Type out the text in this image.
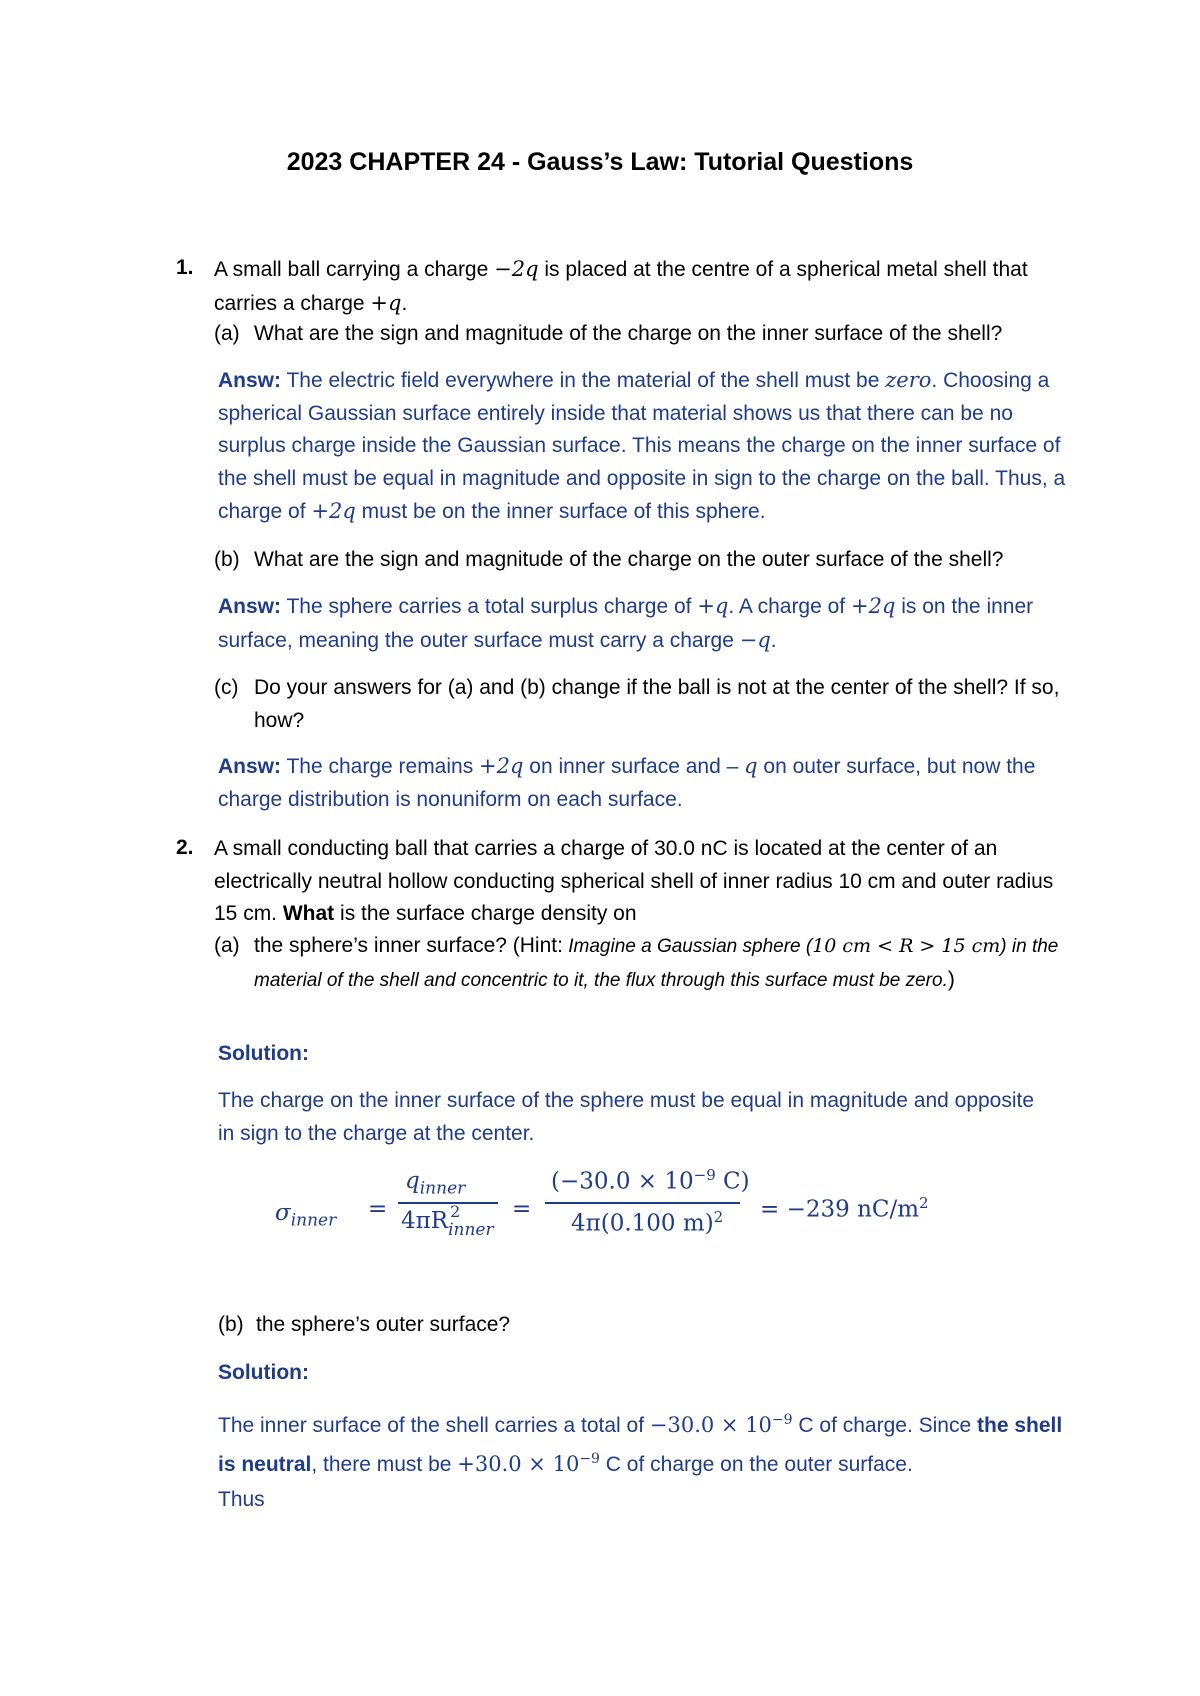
2023 CHAPTER 24 - Gauss’s Law: Tutorial Questions
1. A small ball carrying a charge −2q is placed at the centre of a spherical metal shell that carries a charge +q.

(a) What are the sign and magnitude of the charge on the inner surface of the shell?

Answ: The electric field everywhere in the material of the shell must be zero. Choosing a spherical Gaussian surface entirely inside that material shows us that there can be no surplus charge inside the Gaussian surface. This means the charge on the inner surface of the shell must be equal in magnitude and opposite in sign to the charge on the ball. Thus, a charge of +2q must be on the inner surface of this sphere.

(b) What are the sign and magnitude of the charge on the outer surface of the shell?

Answ: The sphere carries a total surplus charge of +q. A charge of +2q is on the inner surface, meaning the outer surface must carry a charge −q.

(c) Do your answers for (a) and (b) change if the ball is not at the center of the shell? If so, how?

Answ: The charge remains +2q on inner surface and – q on outer surface, but now the charge distribution is nonuniform on each surface.

2. A small conducting ball that carries a charge of 30.0 nC is located at the center of an electrically neutral hollow conducting spherical shell of inner radius 10 cm and outer radius 15 cm. What is the surface charge density on

(a) the sphere’s inner surface? (Hint: Imagine a Gaussian sphere (10 cm < R > 15 cm) in the material of the shell and concentric to it, the flux through this surface must be zero.)

Solution:

The charge on the inner surface of the sphere must be equal in magnitude and opposite in sign to the charge at the center.

$\sigma_{inner}$ =
$q_{inner}$
4πR 2
inner
=
($-30.0 \times 10^{-9}$ C)
4π(0.100 m)$^2$ = −239 $nC/m^2$
(b) the sphere’s outer surface?

Solution:

The inner surface of the shell carries a total of $-30.0 \times 10^{-9}$ C of charge. Since the shell is neutral, there must be $+30.0 \times 10^{-9}$ C of charge on the outer surface.

Thus
